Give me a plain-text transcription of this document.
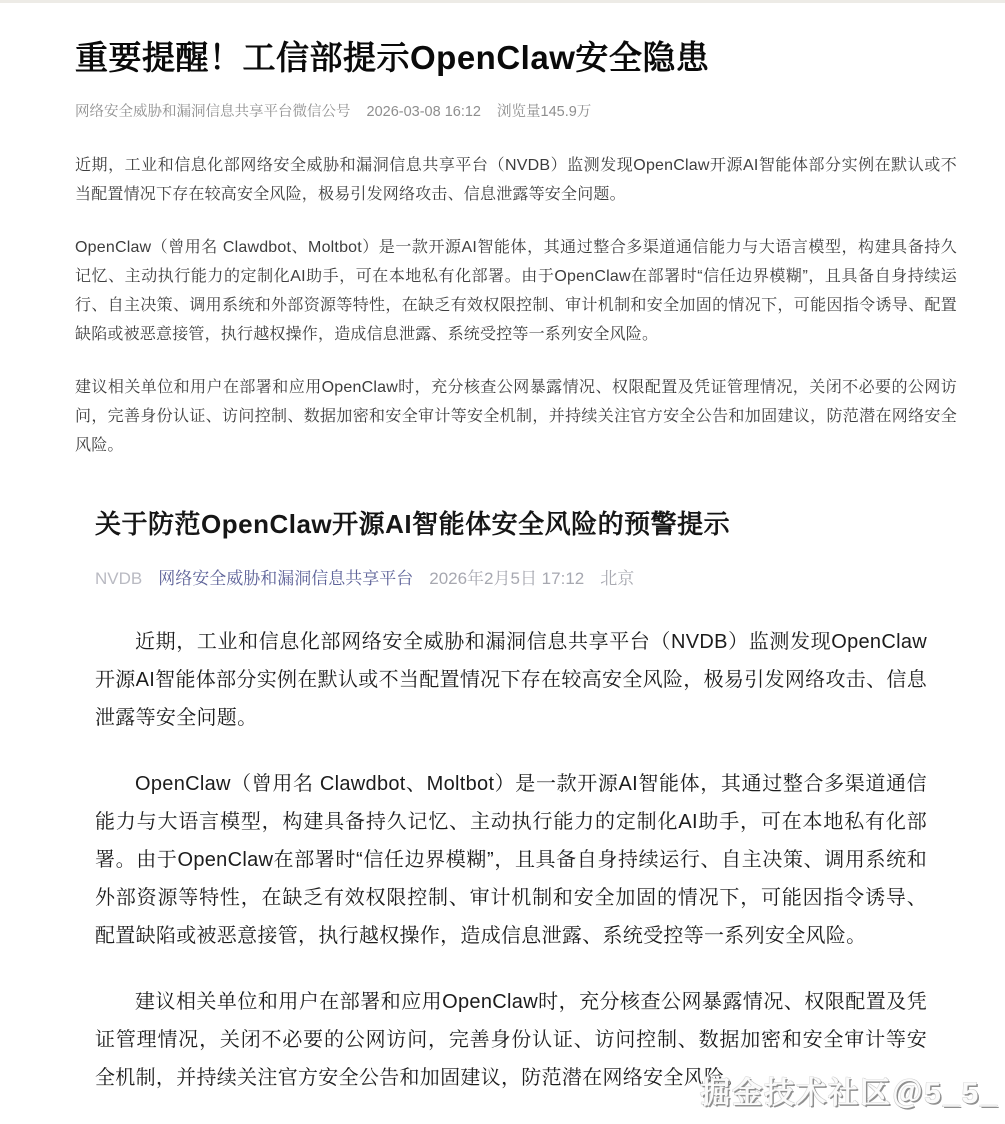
重要提醒！工信部提示OpenClaw安全隐患
网络安全威胁和漏洞信息共享平台微信公号 2026-03-08 16:12 浏览量145.9万

近期，工业和信息化部网络安全威胁和漏洞信息共享平台（NVDB）监测发现OpenClaw开源AI智能体部分实例在默认或不当配置情况下存在较高安全风险，极易引发网络攻击、信息泄露等安全问题。

OpenClaw（曾用名 Clawdbot、Moltbot）是一款开源AI智能体，其通过整合多渠道通信能力与大语言模型，构建具备持久记忆、主动执行能力的定制化AI助手，可在本地私有化部署。由于OpenClaw在部署时“信任边界模糊”，且具备自身持续运行、自主决策、调用系统和外部资源等特性，在缺乏有效权限控制、审计机制和安全加固的情况下，可能因指令诱导、配置缺陷或被恶意接管，执行越权操作，造成信息泄露、系统受控等一系列安全风险。

建议相关单位和用户在部署和应用OpenClaw时，充分核查公网暴露情况、权限配置及凭证管理情况，关闭不必要的公网访问，完善身份认证、访问控制、数据加密和安全审计等安全机制，并持续关注官方安全公告和加固建议，防范潜在网络安全风险。

关于防范OpenClaw开源AI智能体安全风险的预警提示
NVDB 网络安全威胁和漏洞信息共享平台 2026年2月5日 17:12 北京

近期，工业和信息化部网络安全威胁和漏洞信息共享平台（NVDB）监测发现OpenClaw开源AI智能体部分实例在默认或不当配置情况下存在较高安全风险，极易引发网络攻击、信息泄露等安全问题。

OpenClaw（曾用名 Clawdbot、Moltbot）是一款开源AI智能体，其通过整合多渠道通信能力与大语言模型，构建具备持久记忆、主动执行能力的定制化AI助手，可在本地私有化部署。由于OpenClaw在部署时“信任边界模糊”，且具备自身持续运行、自主决策、调用系统和外部资源等特性，在缺乏有效权限控制、审计机制和安全加固的情况下，可能因指令诱导、配置缺陷或被恶意接管，执行越权操作，造成信息泄露、系统受控等一系列安全风险。

建议相关单位和用户在部署和应用OpenClaw时，充分核查公网暴露情况、权限配置及凭证管理情况，关闭不必要的公网访问，完善身份认证、访问控制、数据加密和安全审计等安全机制，并持续关注官方安全公告和加固建议，防范潜在网络安全风险。

掘金技术社区＠5_5_
